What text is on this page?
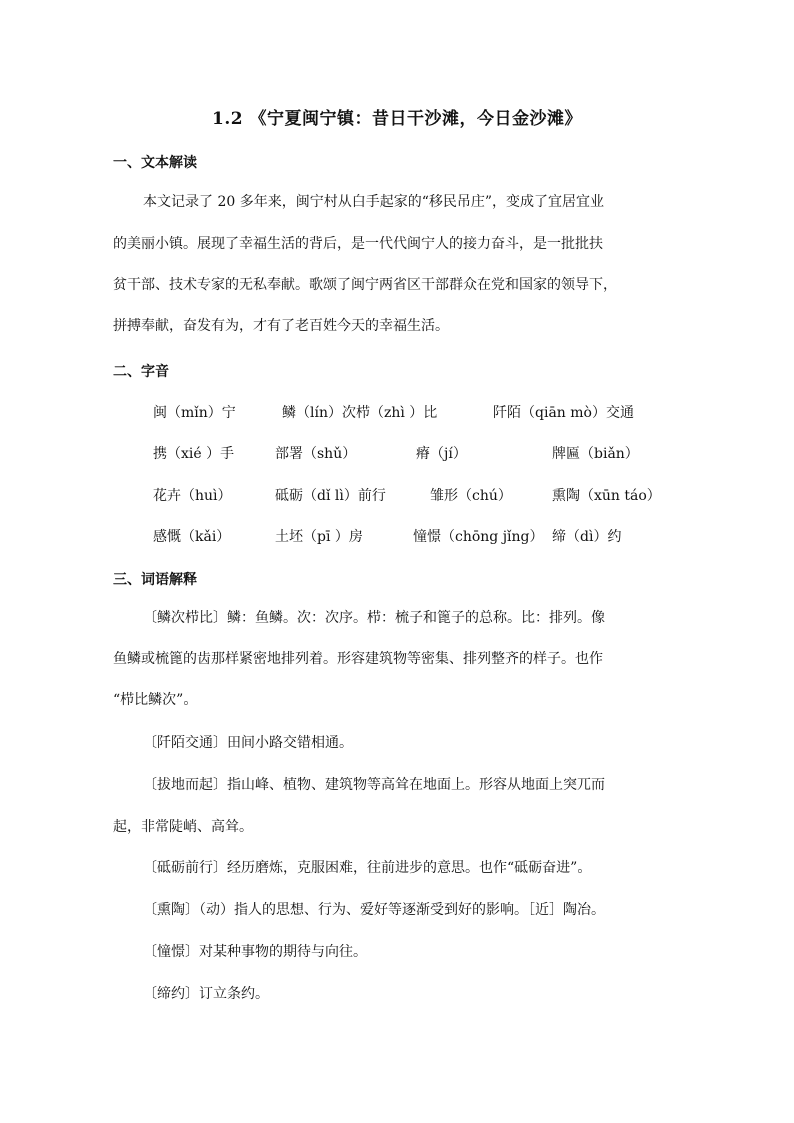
1.2 《宁夏闽宁镇：昔日干沙滩，今日金沙滩》
一、文本解读
本文记录了 20 多年来，闽宁村从白手起家的“移民吊庄”，变成了宜居宜业
的美丽小镇。展现了幸福生活的背后，是一代代闽宁人的接力奋斗，是一批批扶
贫干部、技术专家的无私奉献。歌颂了闽宁两省区干部群众在党和国家的领导下，
拼搏奉献，奋发有为，才有了老百姓今天的幸福生活。
二、字音
闽（mǐn）宁	鳞（lín）次栉（zhì ）比	阡陌（qiān mò）交通
携（xié ）手	部署（shǔ）	瘠（jí）	牌匾（biǎn）
花卉（huì）	砥砺（dǐ lì）前行	雏形（chú）	熏陶（xūn táo）
感慨（kǎi）	土坯（pī ）房	憧憬（chōng jǐng） 缔（dì）约
三、词语解释
〔鳞次栉比〕鳞：鱼鳞。次：次序。栉：梳子和篦子的总称。比：排列。像
鱼鳞或梳篦的齿那样紧密地排列着。形容建筑物等密集、排列整齐的样子。也作
“栉比鳞次”。
〔阡陌交通〕田间小路交错相通。
〔拔地而起〕指山峰、植物、建筑物等高耸在地面上。形容从地面上突兀而
起，非常陡峭、高耸。
〔砥砺前行〕经历磨炼，克服困难，往前进步的意思。也作“砥砺奋进”。
〔熏陶〕（动）指人的思想、行为、爱好等逐渐受到好的影响。［近］陶冶。
〔憧憬〕对某种事物的期待与向往。
〔缔约〕订立条约。
